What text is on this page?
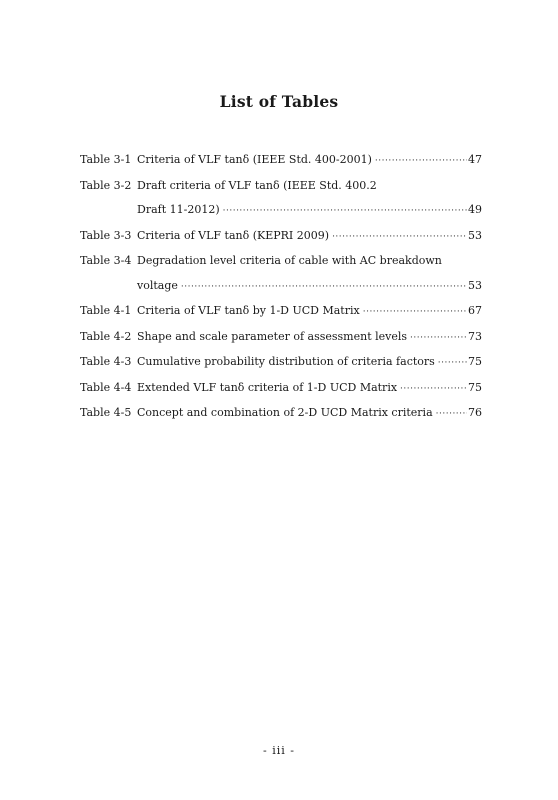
List of Tables
Table 3-1 Criteria of VLF tanδ (IEEE Std. 400-2001) ·····	47
Table 3-2 Draft criteria of VLF tanδ (IEEE Std. 400.2
Draft 11-2012) ·····	49
Table 3-3 Criteria of VLF tanδ (KEPRI 2009) ·····	53
Table 3-4 Degradation level criteria of cable with AC breakdown
voltage ·····	53
Table 4-1 Criteria of VLF tanδ by 1-D UCD Matrix ·····	67
Table 4-2 Shape and scale parameter of assessment levels ·····	73
Table 4-3 Cumulative probability distribution of criteria factors ·····	75
Table 4-4 Extended VLF tanδ criteria of 1-D UCD Matrix ·····	75
Table 4-5 Concept and combination of 2-D UCD Matrix criteria ·····	76
- iii -
